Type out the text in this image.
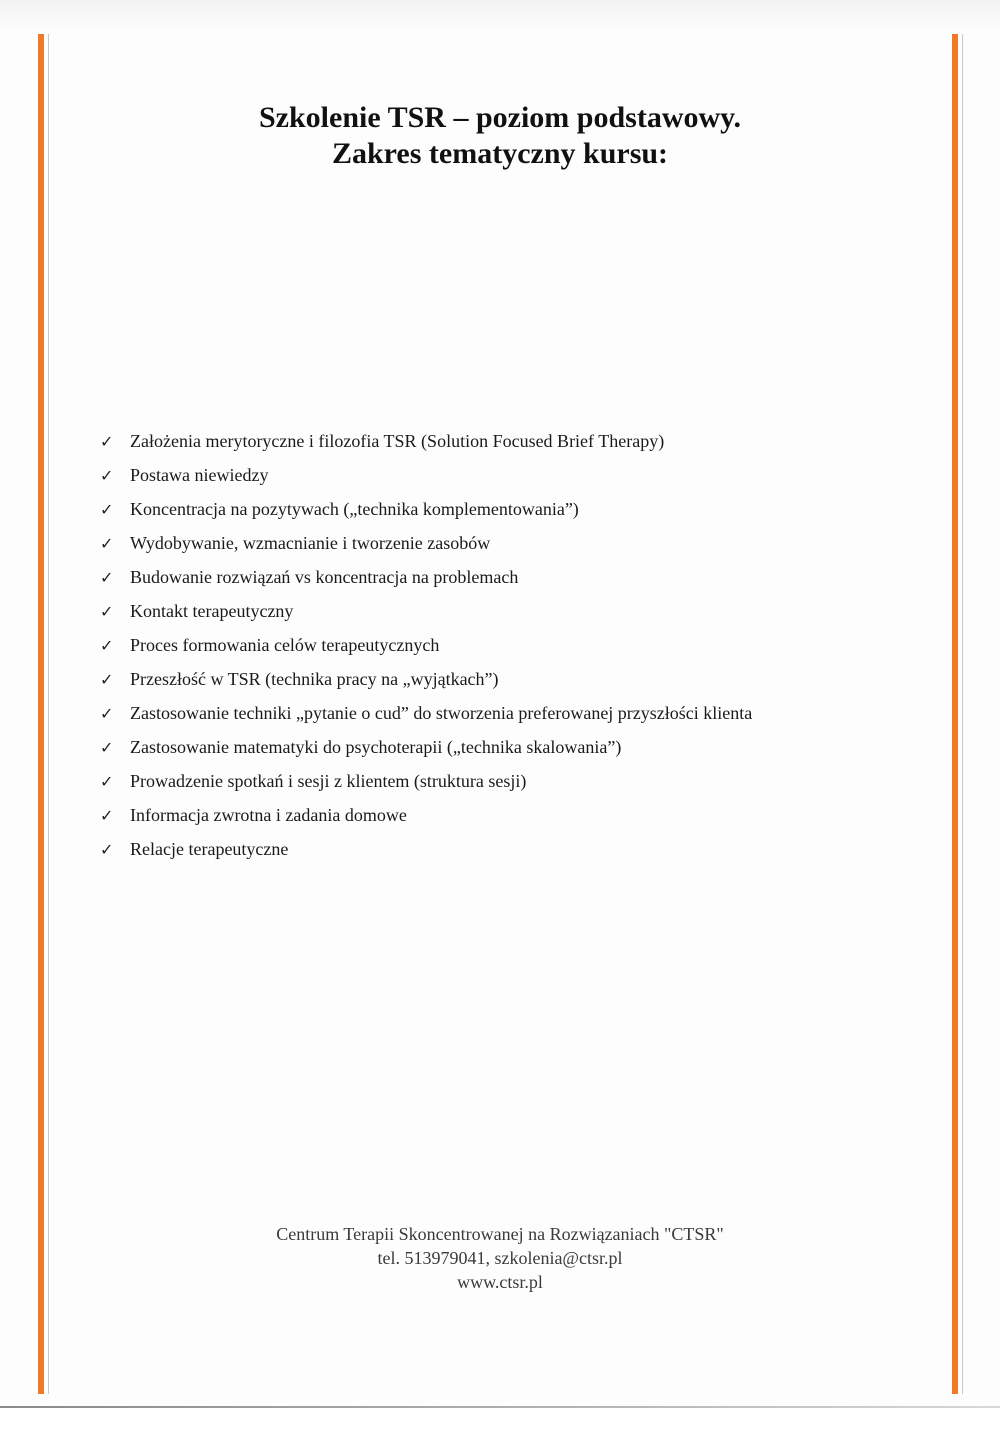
Szkolenie TSR – poziom podstawowy.
Zakres tematyczny kursu:
✓ Założenia merytoryczne i filozofia TSR (Solution Focused Brief Therapy)
✓ Postawa niewiedzy
✓ Koncentracja na pozytywach („technika komplementowania”)
✓ Wydobywanie, wzmacnianie i tworzenie zasobów
✓ Budowanie rozwiązań vs koncentracja na problemach
✓ Kontakt terapeutyczny
✓ Proces formowania celów terapeutycznych
✓ Przeszłość w TSR (technika pracy na „wyjątkach”)
✓ Zastosowanie techniki „pytanie o cud” do stworzenia preferowanej przyszłości klienta
✓ Zastosowanie matematyki do psychoterapii („technika skalowania”)
✓ Prowadzenie spotkań i sesji z klientem (struktura sesji)
✓ Informacja zwrotna i zadania domowe
✓ Relacje terapeutyczne
Centrum Terapii Skoncentrowanej na Rozwiązaniach "CTSR"
tel. 513979041, szkolenia@ctsr.pl
www.ctsr.pl
